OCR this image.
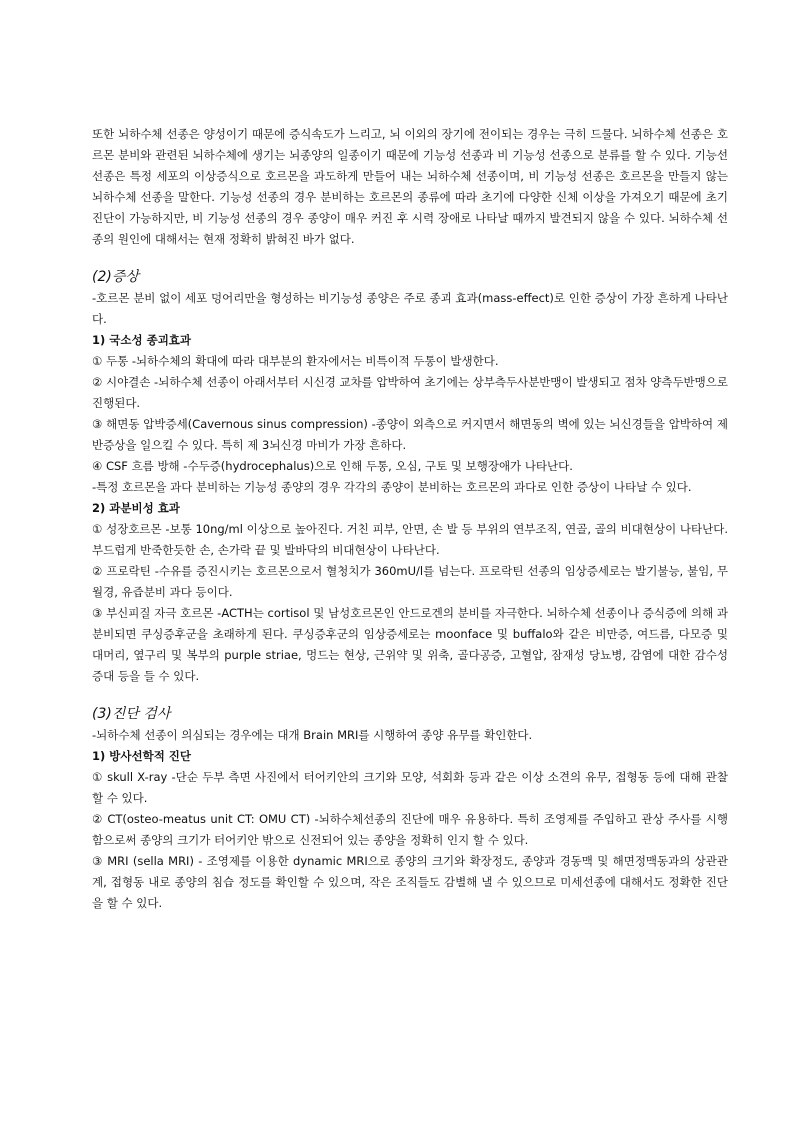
또한 뇌하수체 선종은 양성이기 때문에 증식속도가 느리고, 뇌 이외의 장기에 전이되는 경우는 극히 드물다. 뇌하수체 선종은 호르몬 분비와 관련된 뇌하수체에 생기는 뇌종양의 일종이기 때문에 기능성 선종과 비 기능성 선종으로 분류를 할 수 있다. 기능선 선종은 특정 세포의 이상증식으로 호르몬을 과도하게 만들어 내는 뇌하수체 선종이며, 비 기능성 선종은 호르몬을 만들지 않는 뇌하수체 선종을 말한다. 기능성 선종의 경우 분비하는 호르몬의 종류에 따라 초기에 다양한 신체 이상을 가져오기 때문에 초기 진단이 가능하지만, 비 기능성 선종의 경우 종양이 매우 커진 후 시력 장애로 나타날 때까지 발견되지 않을 수 있다. 뇌하수체 선종의 원인에 대해서는 현재 정확히 밝혀진 바가 없다.

(2)증상

-호르몬 분비 없이 세포 덩어리만을 형성하는 비기능성 종양은 주로 종괴 효과(mass-effect)로 인한 증상이 가장 흔하게 나타난다.

1) 국소성 종괴효과

① 두통 -뇌하수체의 확대에 따라 대부분의 환자에서는 비특이적 두통이 발생한다.

② 시야결손 -뇌하수체 선종이 아래서부터 시신경 교차를 압박하여 초기에는 상부측두사분반맹이 발생되고 점차 양측두반맹으로 진행된다.

③ 해면동 압박증세(Cavernous sinus compression) -종양이 외측으로 커지면서 해면동의 벽에 있는 뇌신경들을 압박하여 제반증상을 일으킬 수 있다. 특히 제 3뇌신경 마비가 가장 흔하다.

④ CSF 흐름 방해 -수두증(hydrocephalus)으로 인해 두통, 오심, 구토 및 보행장애가 나타난다.

-특정 호르몬을 과다 분비하는 기능성 종양의 경우 각각의 종양이 분비하는 호르몬의 과다로 인한 증상이 나타날 수 있다.

2) 과분비성 효과

① 성장호르몬 -보통 10ng/ml 이상으로 높아진다. 거친 피부, 안면, 손 발 등 부위의 연부조직, 연골, 골의 비대현상이 나타난다. 부드럽게 반죽한듯한 손, 손가락 끝 및 발바닥의 비대현상이 나타난다.

② 프로락틴 -수유를 증진시키는 호르몬으로서 혈청치가 360mU/l를 넘는다. 프로락틴 선종의 임상증세로는 발기불능, 불임, 무월경, 유즙분비 과다 등이다.

③ 부신피질 자극 호르몬 -ACTH는 cortisol 및 남성호르몬인 안드로겐의 분비를 자극한다. 뇌하수체 선종이나 증식증에 의해 과분비되면 쿠싱증후군을 초래하게 된다. 쿠싱증후군의 임상증세로는 moonface 및 buffalo와 같은 비만증, 여드름, 다모증 및 대머리, 옆구리 및 복부의 purple striae, 멍드는 현상, 근위약 및 위축, 골다공증, 고혈압, 잠재성 당뇨병, 감염에 대한 감수성 증대 등을 들 수 있다.

(3)진단 검사

-뇌하수체 선종이 의심되는 경우에는 대개 Brain MRI를 시행하여 종양 유무를 확인한다.

1) 방사선학적 진단

① skull X-ray -단순 두부 측면 사진에서 터어키안의 크기와 모양, 석회화 등과 같은 이상 소견의 유무, 접형동 등에 대해 관찰할 수 있다.

② CT(osteo-meatus unit CT: OMU CT) -뇌하수체선종의 진단에 매우 유용하다. 특히 조영제를 주입하고 관상 주사를 시행함으로써 종양의 크기가 터어키안 밖으로 신전되어 있는 종양을 정확히 인지 할 수 있다.

③ MRI (sella MRI) - 조영제를 이용한 dynamic MRI으로 종양의 크기와 확장정도, 종양과 경동맥 및 해면정맥동과의 상관관계, 접형동 내로 종양의 침습 정도를 확인할 수 있으며, 작은 조직들도 감별해 낼 수 있으므로 미세선종에 대해서도 정확한 진단을 할 수 있다.
